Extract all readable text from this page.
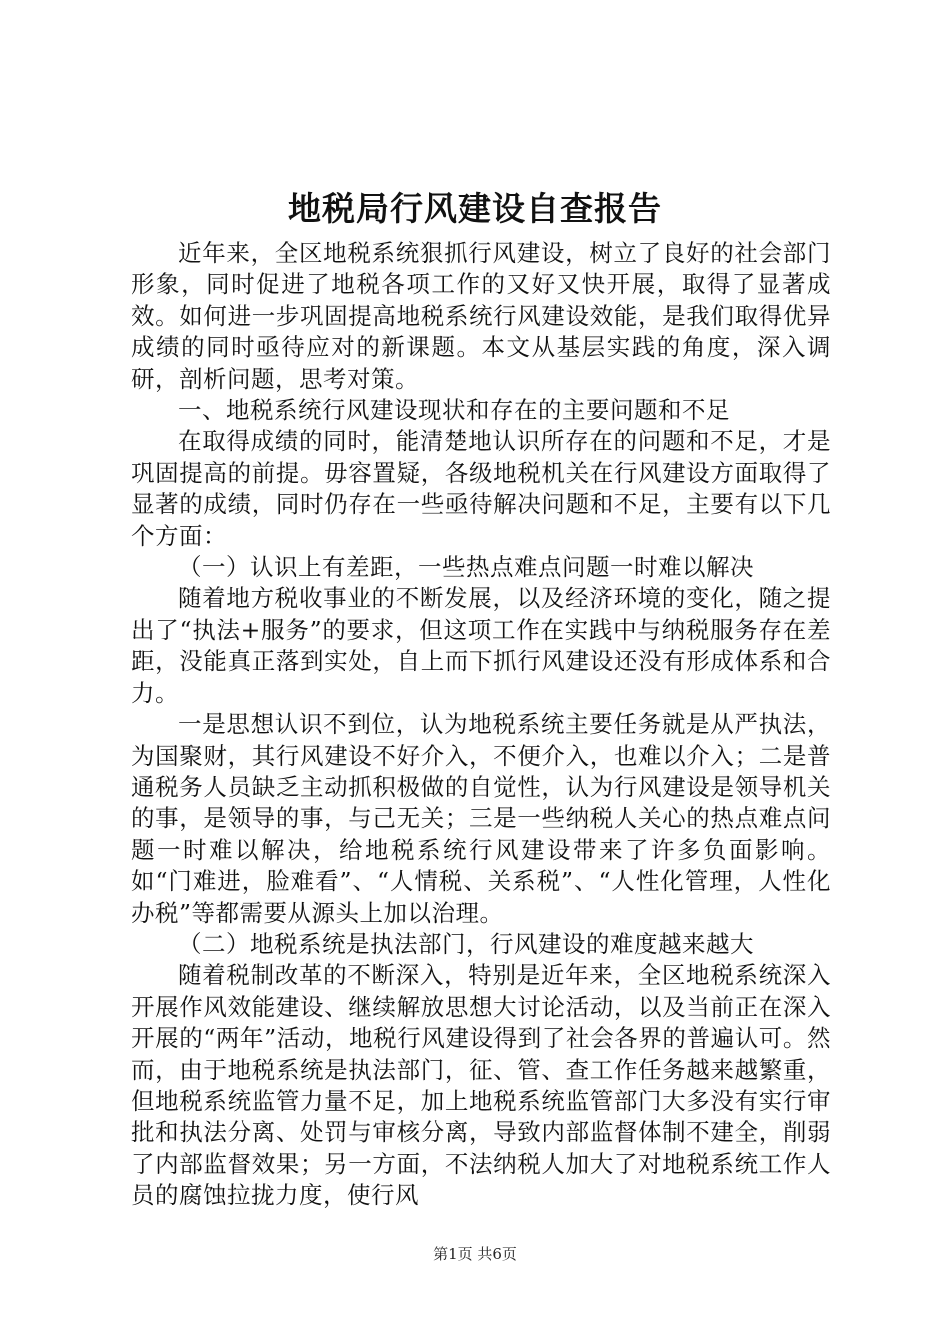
地税局行风建设自查报告

近年来，全区地税系统狠抓行风建设，树立了良好的社会部门形象，同时促进了地税各项工作的又好又快开展，取得了显著成效。如何进一步巩固提高地税系统行风建设效能，是我们取得优异成绩的同时亟待应对的新课题。本文从基层实践的角度，深入调研，剖析问题，思考对策。

一、地税系统行风建设现状和存在的主要问题和不足

在取得成绩的同时，能清楚地认识所存在的问题和不足，才是巩固提高的前提。毋容置疑，各级地税机关在行风建设方面取得了显著的成绩，同时仍存在一些亟待解决问题和不足，主要有以下几个方面：

（一）认识上有差距，一些热点难点问题一时难以解决

随着地方税收事业的不断发展，以及经济环境的变化，随之提出了“执法+服务”的要求，但这项工作在实践中与纳税服务存在差距，没能真正落到实处，自上而下抓行风建设还没有形成体系和合力。

一是思想认识不到位，认为地税系统主要任务就是从严执法，为国聚财，其行风建设不好介入，不便介入，也难以介入；二是普通税务人员缺乏主动抓积极做的自觉性，认为行风建设是领导机关的事，是领导的事，与己无关；三是一些纳税人关心的热点难点问题一时难以解决，给地税系统行风建设带来了许多负面影响。如“门难进，脸难看”、“人情税、关系税”、“人性化管理，人性化办税”等都需要从源头上加以治理。

（二）地税系统是执法部门，行风建设的难度越来越大

随着税制改革的不断深入，特别是近年来，全区地税系统深入开展作风效能建设、继续解放思想大讨论活动，以及当前正在深入开展的“两年”活动，地税行风建设得到了社会各界的普遍认可。然而，由于地税系统是执法部门，征、管、查工作任务越来越繁重，但地税系统监管力量不足，加上地税系统监管部门大多没有实行审批和执法分离、处罚与审核分离，导致内部监督体制不建全，削弱了内部监督效果；另一方面，不法纳税人加大了对地税系统工作人员的腐蚀拉拢力度，使行风

第1页 共6页
